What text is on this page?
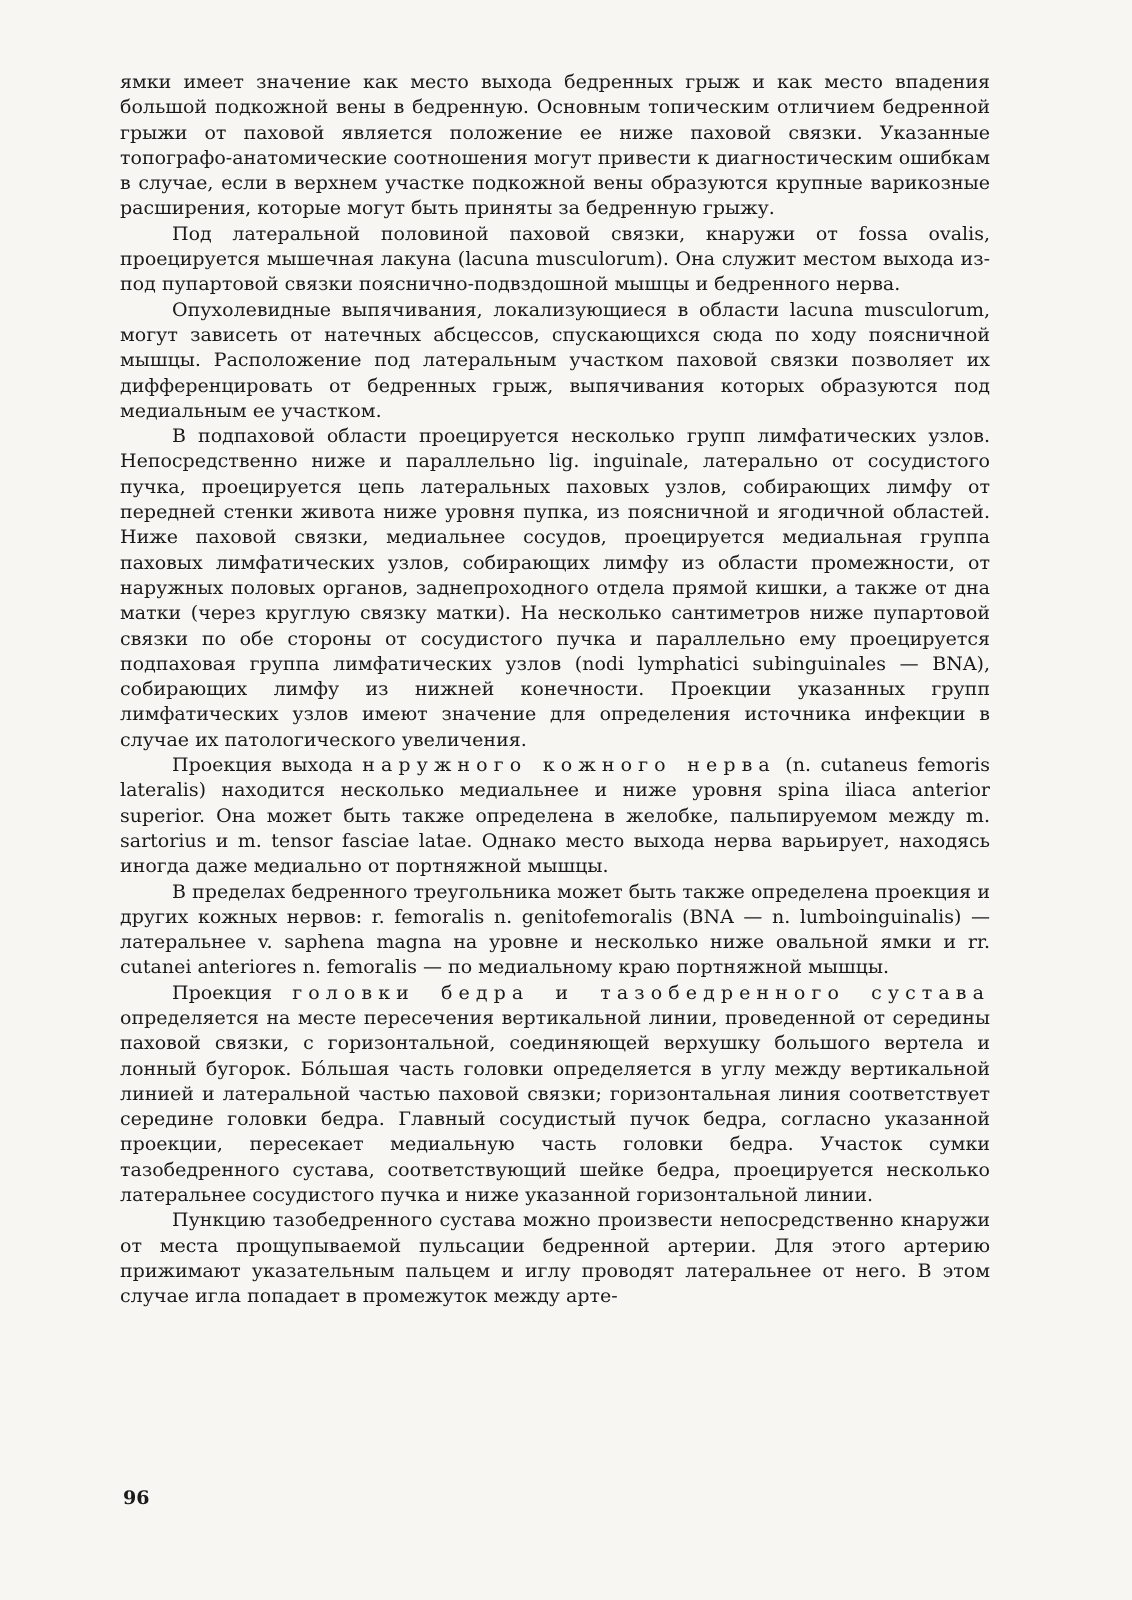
ямки имеет значение как место выхода бедренных грыж и как место впадения большой подкожной вены в бедренную. Основным топическим отличием бедренной грыжи от паховой является положение ее ниже паховой связки. Указанные топографо-анатомические соотношения могут привести к диагностическим ошибкам в случае, если в верхнем участке подкожной вены образуются крупные варикозные расширения, которые могут быть приняты за бедренную грыжу.

Под латеральной половиной паховой связки, кнаружи от fossa ovalis, проецируется мышечная лакуна (lacuna musculorum). Она служит местом выхода из-под пупартовой связки пояснично-подвздошной мышцы и бедренного нерва.

Опухолевидные выпячивания, локализующиеся в области lacuna musculorum, могут зависеть от натечных абсцессов, спускающихся сюда по ходу поясничной мышцы. Расположение под латеральным участком паховой связки позволяет их дифференцировать от бедренных грыж, выпячивания которых образуются под медиальным ее участком.

В подпаховой области проецируется несколько групп лимфатических узлов. Непосредственно ниже и параллельно lig. inguinale, латерально от сосудистого пучка, проецируется цепь латеральных паховых узлов, собирающих лимфу от передней стенки живота ниже уровня пупка, из поясничной и ягодичной областей. Ниже паховой связки, медиальнее сосудов, проецируется медиальная группа паховых лимфатических узлов, собирающих лимфу из области промежности, от наружных половых органов, заднепроходного отдела прямой кишки, а также от дна матки (через круглую связку матки). На несколько сантиметров ниже пупартовой связки по обе стороны от сосудистого пучка и параллельно ему проецируется подпаховая группа лимфатических узлов (nodi lymphatici subinguinales — BNA), собирающих лимфу из нижней конечности. Проекции указанных групп лимфатических узлов имеют значение для определения источника инфекции в случае их патологического увеличения.

Проекция выхода наружного кожного нерва (n. cutaneus femoris lateralis) находится несколько медиальнее и ниже уровня spina iliaca anterior superior. Она может быть также определена в желобке, пальпируемом между m. sartorius и m. tensor fasciae latae. Однако место выхода нерва варьирует, находясь иногда даже медиально от портняжной мышцы.

В пределах бедренного треугольника может быть также определена проекция и других кожных нервов: r. femoralis n. genitofemoralis (BNA — n. lumboinguinalis) — латеральнее v. saphena magna на уровне и несколько ниже овальной ямки и rr. cutanei anteriores n. femoralis — по медиальному краю портняжной мышцы.

Проекция головки бедра и тазобедренного сустава определяется на месте пересечения вертикальной линии, проведенной от середины паховой связки, с горизонтальной, соединяющей верхушку большого вертела и лонный бугорок. Бóльшая часть головки определяется в углу между вертикальной линией и латеральной частью паховой связки; горизонтальная линия соответствует середине головки бедра. Главный сосудистый пучок бедра, согласно указанной проекции, пересекает медиальную часть головки бедра. Участок сумки тазобедренного сустава, соответствующий шейке бедра, проецируется несколько латеральнее сосудистого пучка и ниже указанной горизонтальной линии.

Пункцию тазобедренного сустава можно произвести непосредственно кнаружи от места прощупываемой пульсации бедренной артерии. Для этого артерию прижимают указательным пальцем и иглу проводят латеральнее от него. В этом случае игла попадает в промежуток между арте-

96
